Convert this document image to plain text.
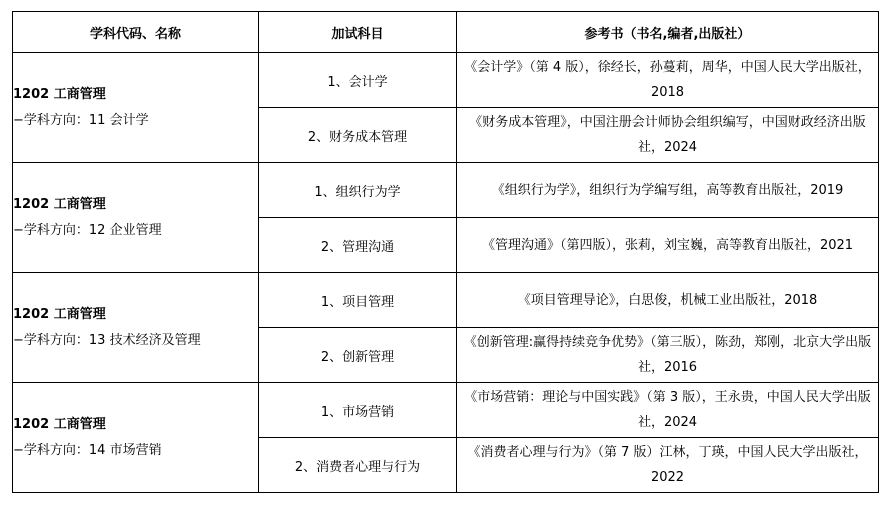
学科代码、名称	加试科目	参考书（书名,编者,出版社）

1202 工商管理
−学科方向：11 会计学	1、会计学	《会计学》（第 4 版），徐经长，孙蔓莉，周华，中国人民大学出版社，2018
	2、财务成本管理	《财务成本管理》，中国注册会计师协会组织编写，中国财政经济出版社，2024

1202 工商管理
−学科方向：12 企业管理	1、组织行为学	《组织行为学》，组织行为学编写组，高等教育出版社，2019
	2、管理沟通	《管理沟通》（第四版），张莉，刘宝巍，高等教育出版社，2021

1202 工商管理
−学科方向：13 技术经济及管理	1、项目管理	《项目管理导论》，白思俊，机械工业出版社，2018
	2、创新管理	《创新管理:赢得持续竞争优势》（第三版），陈劲，郑刚，北京大学出版社，2016

1202 工商管理
−学科方向：14 市场营销	1、市场营销	《市场营销：理论与中国实践》（第 3 版），王永贵，中国人民大学出版社，2024
	2、消费者心理与行为	《消费者心理与行为》（第 7 版）江林，丁瑛，中国人民大学出版社，2022
